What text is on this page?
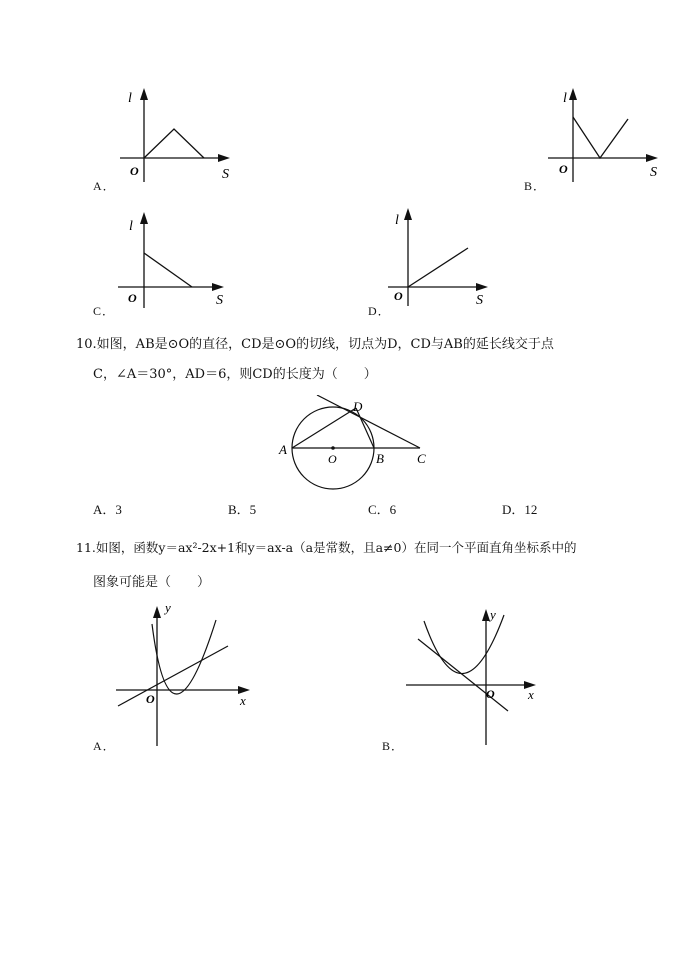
l
O	S
A．
l
O	S
B．
l
O	S
C．
l
O	S
D．
10.如图，AB是⊙O的直径，CD是⊙O的切线，切点为D，CD与AB的延长线交于点
C，∠A＝30°，AD＝6，则CD的长度为（　　）
A
O	B	C
D
A．3	B．5	C．6	D．12
11.如图，函数y＝ax²-2x+1和y＝ax-a（a是常数，且a≠0）在同一个平面直角坐标系中的
图象可能是（　　）
y
O	x
A．
y
O	x
B．
